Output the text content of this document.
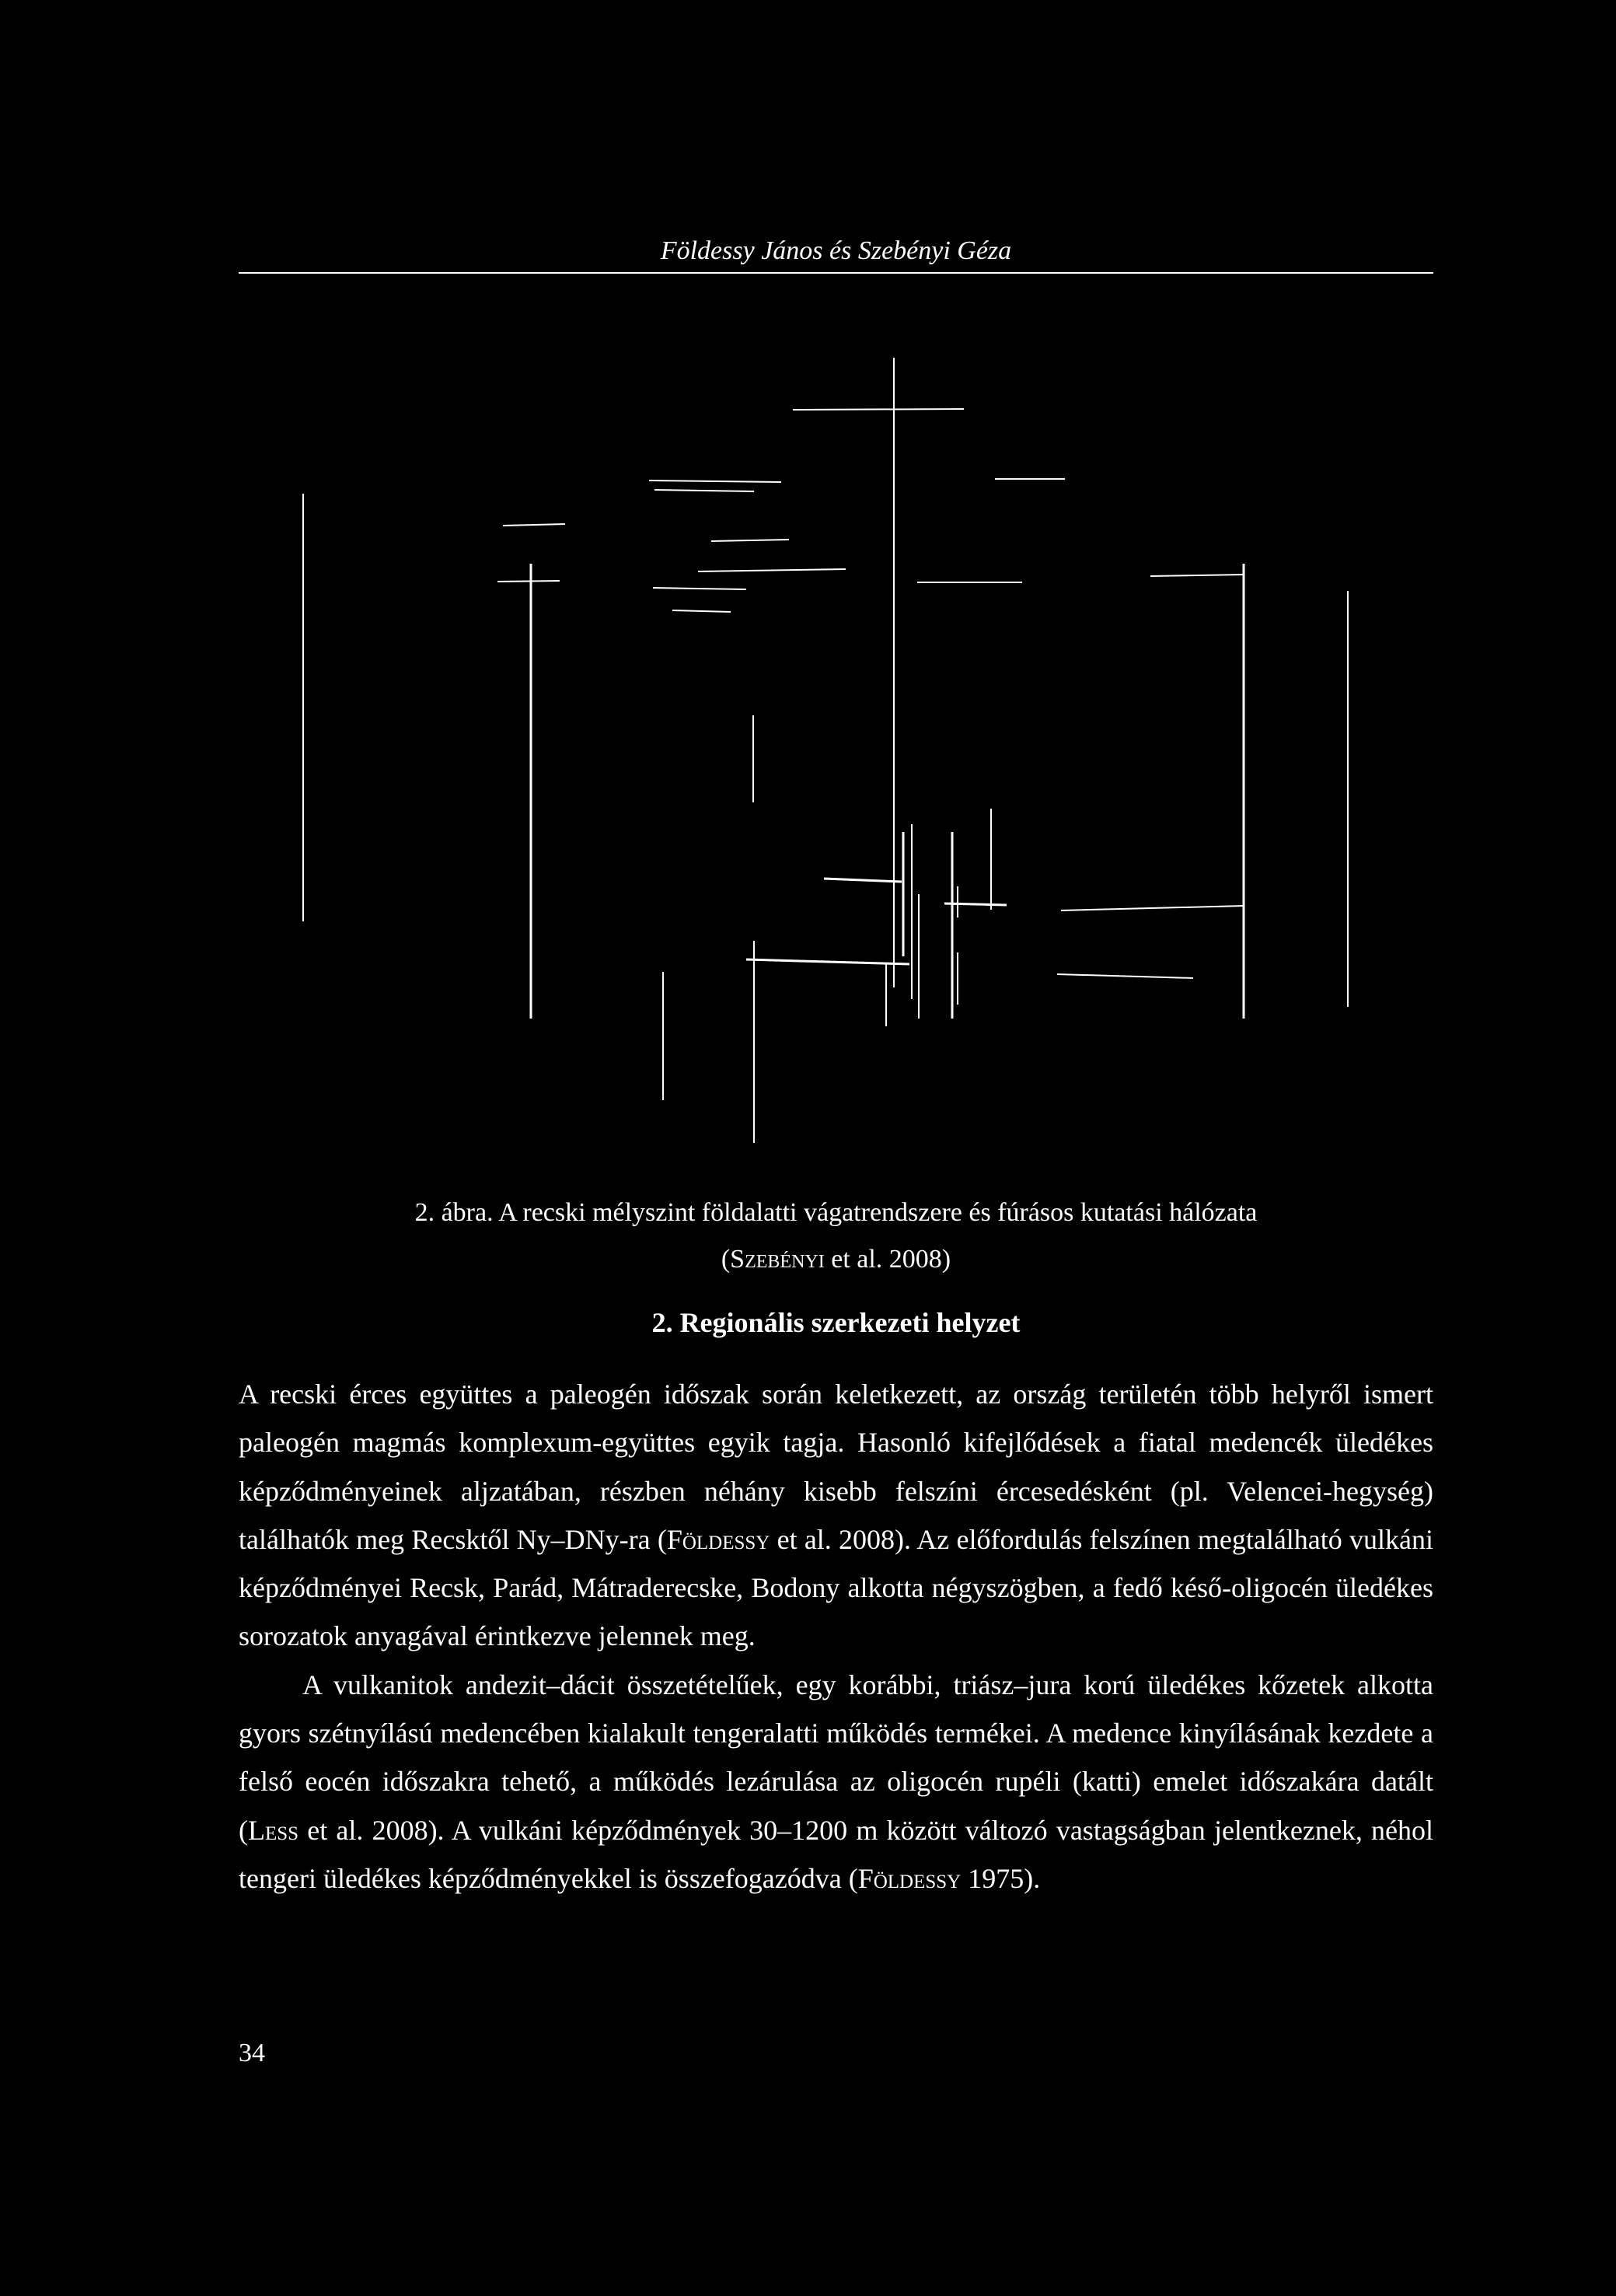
Földessy János és Szebényi Géza
2. ábra. A recski mélyszint földalatti vágatrendszere és fúrásos kutatási hálózata
(Szebényi et al. 2008)
2. Regionális szerkezeti helyzet

A recski érces együttes a paleogén időszak során keletkezett, az ország területén több helyről ismert paleogén magmás komplexum-együttes egyik tagja. Hasonló kifejlődések a fiatal medencék üledékes képződményeinek aljzatában, részben néhány kisebb felszíni ércesedésként (pl. Velencei-hegység) találhatók meg Recsktől Ny–DNy-ra (Földessy et al. 2008). Az előfordulás felszínen megtalálható vulkáni képződményei Recsk, Parád, Mátraderecske, Bodony alkotta négyszögben, a fedő késő-oligocén üledékes sorozatok anyagával érintkezve jelennek meg.

A vulkanitok andezit–dácit összetételűek, egy korábbi, triász–jura korú üledékes kőzetek alkotta gyors szétnyílású medencében kialakult tengeralatti működés termékei. A medence kinyílásának kezdete a felső eocén időszakra tehető, a működés lezárulása az oligocén rupéli (katti) emelet időszakára datált (Less et al. 2008). A vulkáni képződmények 30–1200 m között változó vastagságban jelentkeznek, néhol tengeri üledékes képződményekkel is összefogazódva (Földessy 1975).

34
